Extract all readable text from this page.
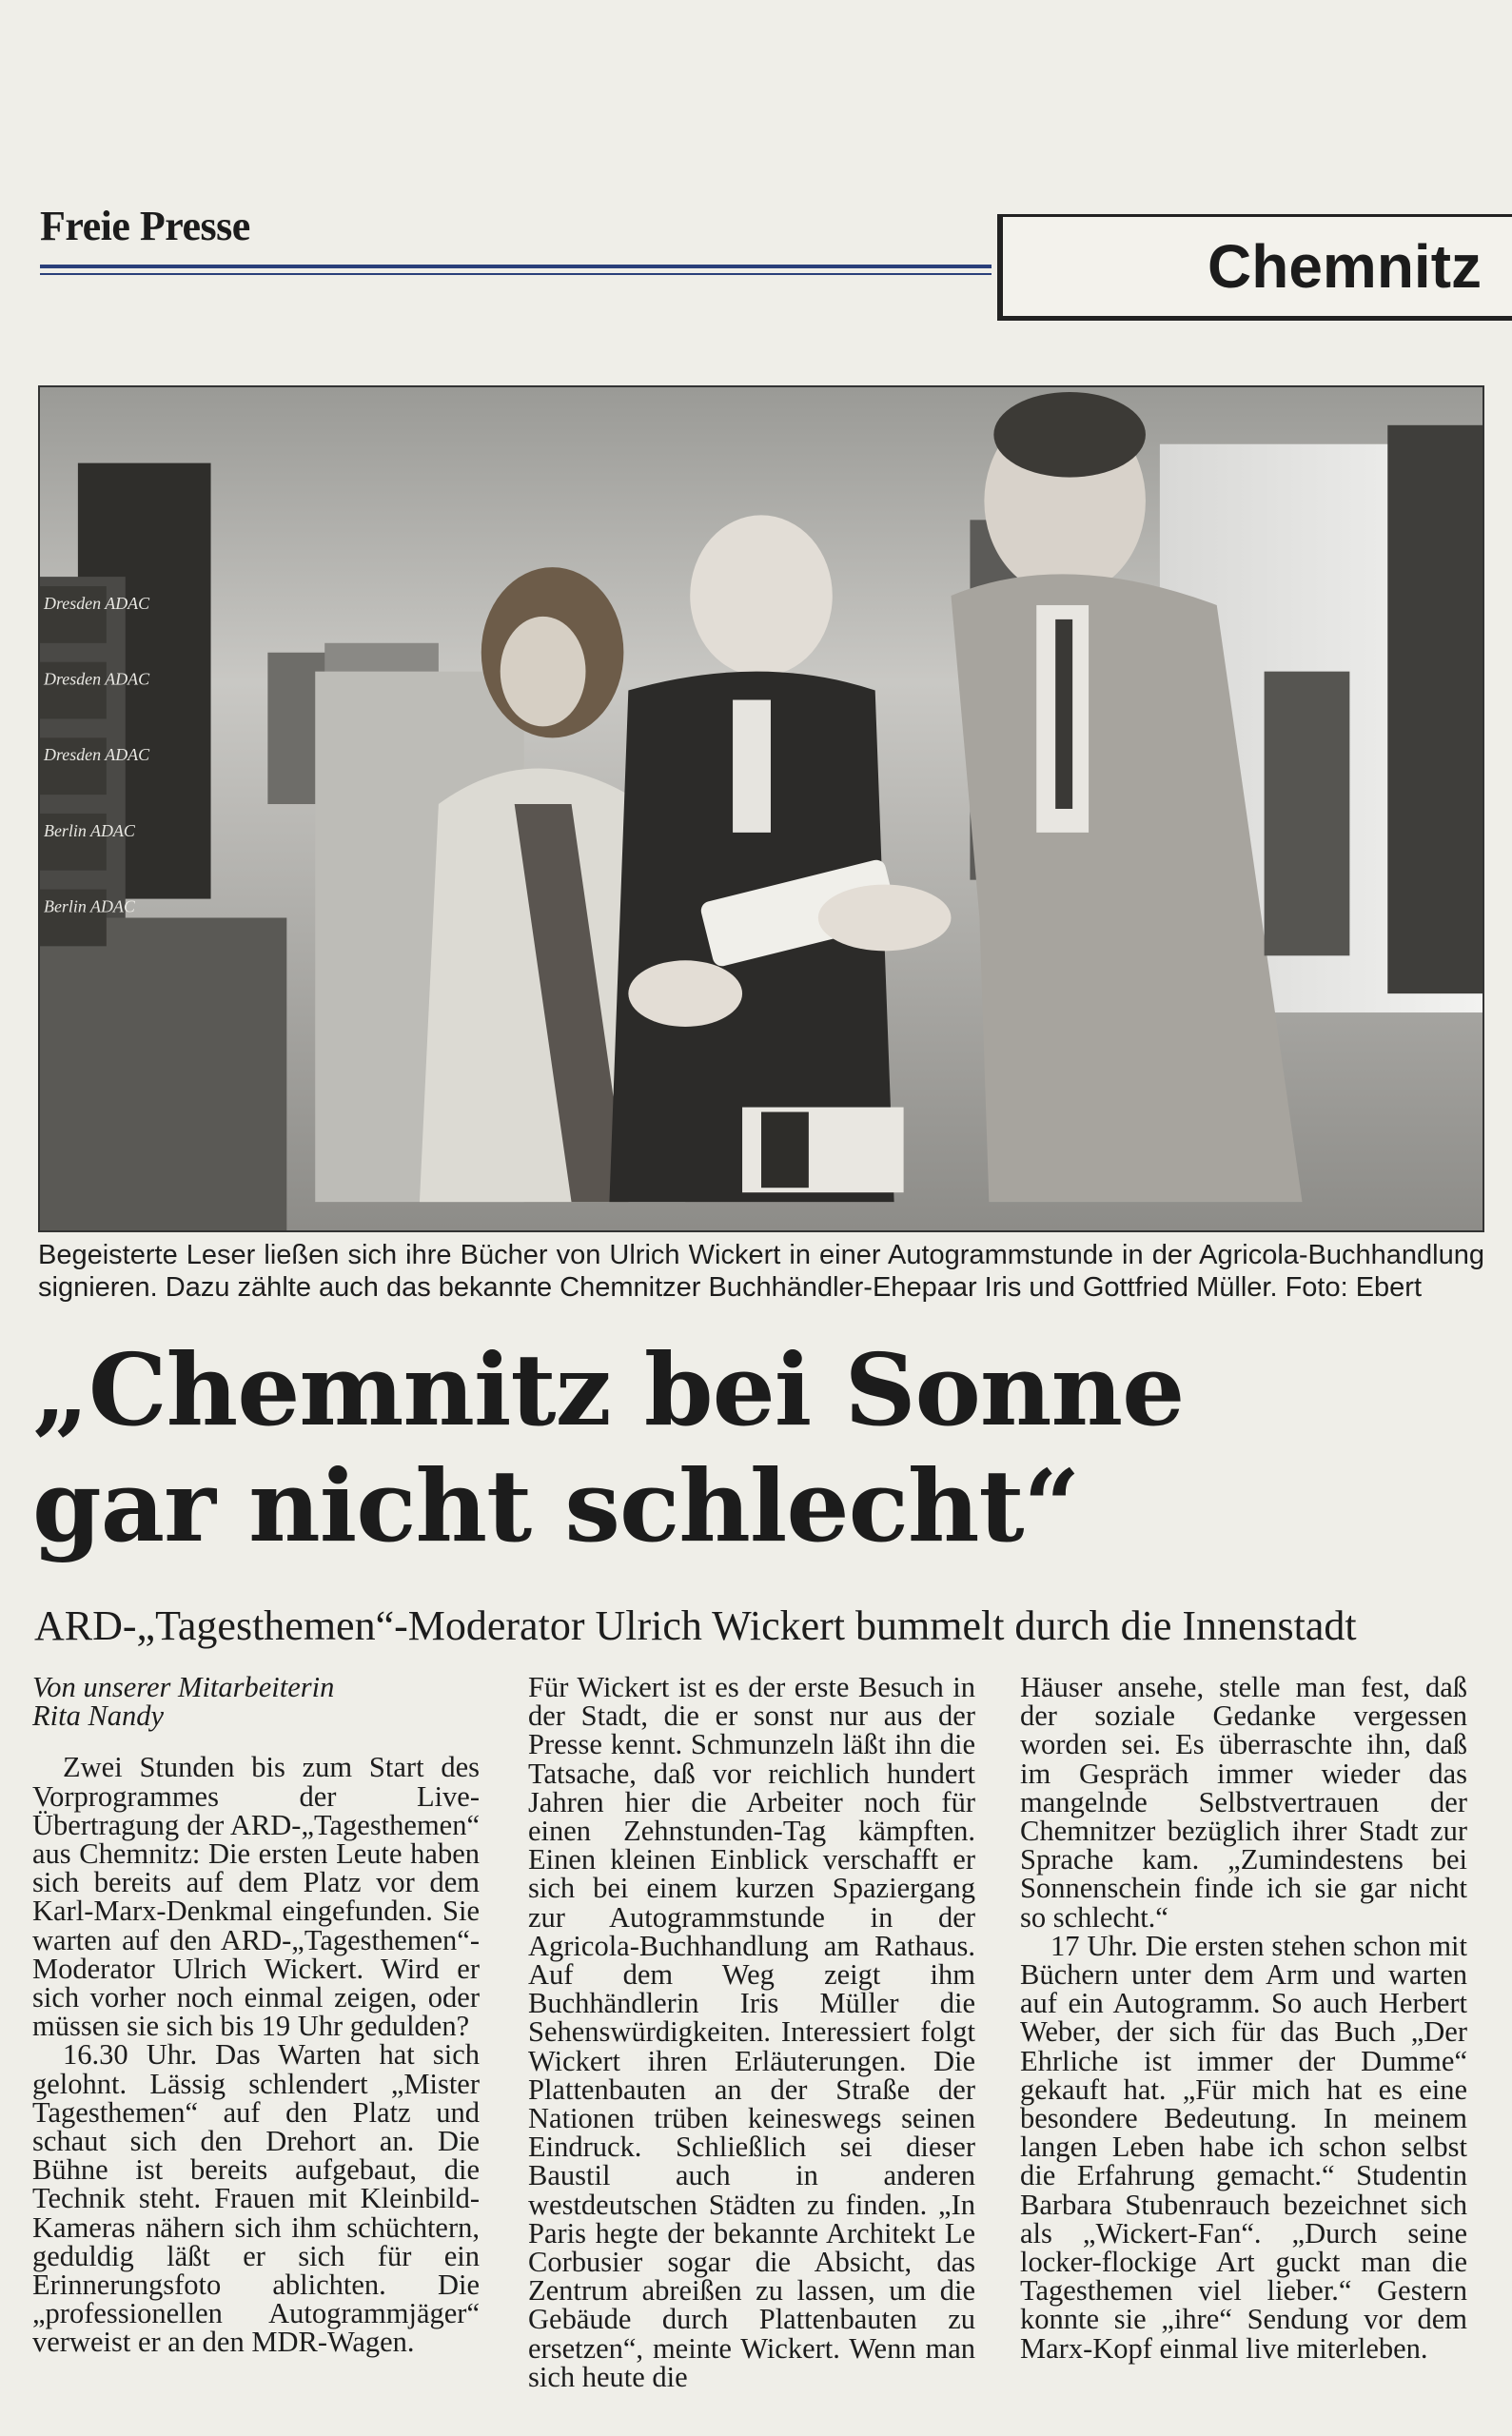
Freie Presse
Chemnitz
Dresden ADAC
Dresden ADAC
Dresden ADAC
Berlin ADAC
Berlin ADAC
Begeisterte Leser ließen sich ihre Bücher von Ulrich Wickert in einer Autogrammstunde in der Agricola-Buchhandlung signieren. Dazu zählte auch das bekannte Chemnitzer Buchhändler-Ehepaar Iris und Gottfried Müller. Foto: Ebert
„Chemnitz bei Sonne
gar nicht schlecht“
ARD-„Tagesthemen“-Moderator Ulrich Wickert bummelt durch die Innenstadt
Von unserer Mitarbeiterin
Rita Nandy

Zwei Stunden bis zum Start des Vorprogrammes der Live-Übertragung der ARD-„Tagesthemen“ aus Chemnitz: Die ersten Leute haben sich bereits auf dem Platz vor dem Karl-Marx-Denkmal eingefunden. Sie warten auf den ARD-„Tagesthemen“-Moderator Ulrich Wickert. Wird er sich vorher noch einmal zeigen, oder müssen sie sich bis 19 Uhr gedulden?

16.30 Uhr. Das Warten hat sich gelohnt. Lässig schlendert „Mister Tagesthemen“ auf den Platz und schaut sich den Drehort an. Die Bühne ist bereits aufgebaut, die Technik steht. Frauen mit Kleinbild-Kameras nähern sich ihm schüchtern, geduldig läßt er sich für ein Erinnerungsfoto ablichten. Die „professionellen Autogrammjäger“ verweist er an den MDR-Wagen.

Für Wickert ist es der erste Besuch in der Stadt, die er sonst nur aus der Presse kennt. Schmunzeln läßt ihn die Tatsache, daß vor reichlich hundert Jahren hier die Arbeiter noch für einen Zehnstunden-Tag kämpften. Einen kleinen Einblick verschafft er sich bei einem kurzen Spaziergang zur Autogrammstunde in der Agricola-Buchhandlung am Rathaus. Auf dem Weg zeigt ihm Buchhändlerin Iris Müller die Sehenswürdigkeiten. Interessiert folgt Wickert ihren Erläuterungen. Die Plattenbauten an der Straße der Nationen trüben keineswegs seinen Eindruck. Schließlich sei dieser Baustil auch in anderen westdeutschen Städten zu finden. „In Paris hegte der bekannte Architekt Le Corbusier sogar die Absicht, das Zentrum abreißen zu lassen, um die Gebäude durch Plattenbauten zu ersetzen“, meinte Wickert. Wenn man sich heute die

Häuser ansehe, stelle man fest, daß der soziale Gedanke vergessen worden sei. Es überraschte ihn, daß im Gespräch immer wieder das mangelnde Selbstvertrauen der Chemnitzer bezüglich ihrer Stadt zur Sprache kam. „Zumindestens bei Sonnenschein finde ich sie gar nicht so schlecht.“

17 Uhr. Die ersten stehen schon mit Büchern unter dem Arm und warten auf ein Autogramm. So auch Herbert Weber, der sich für das Buch „Der Ehrliche ist immer der Dumme“ gekauft hat. „Für mich hat es eine besondere Bedeutung. In meinem langen Leben habe ich schon selbst die Erfahrung gemacht.“ Studentin Barbara Stubenrauch bezeichnet sich als „Wickert-Fan“. „Durch seine locker-flockige Art guckt man die Tagesthemen viel lieber.“ Gestern konnte sie „ihre“ Sendung vor dem Marx-Kopf einmal live miterleben.
